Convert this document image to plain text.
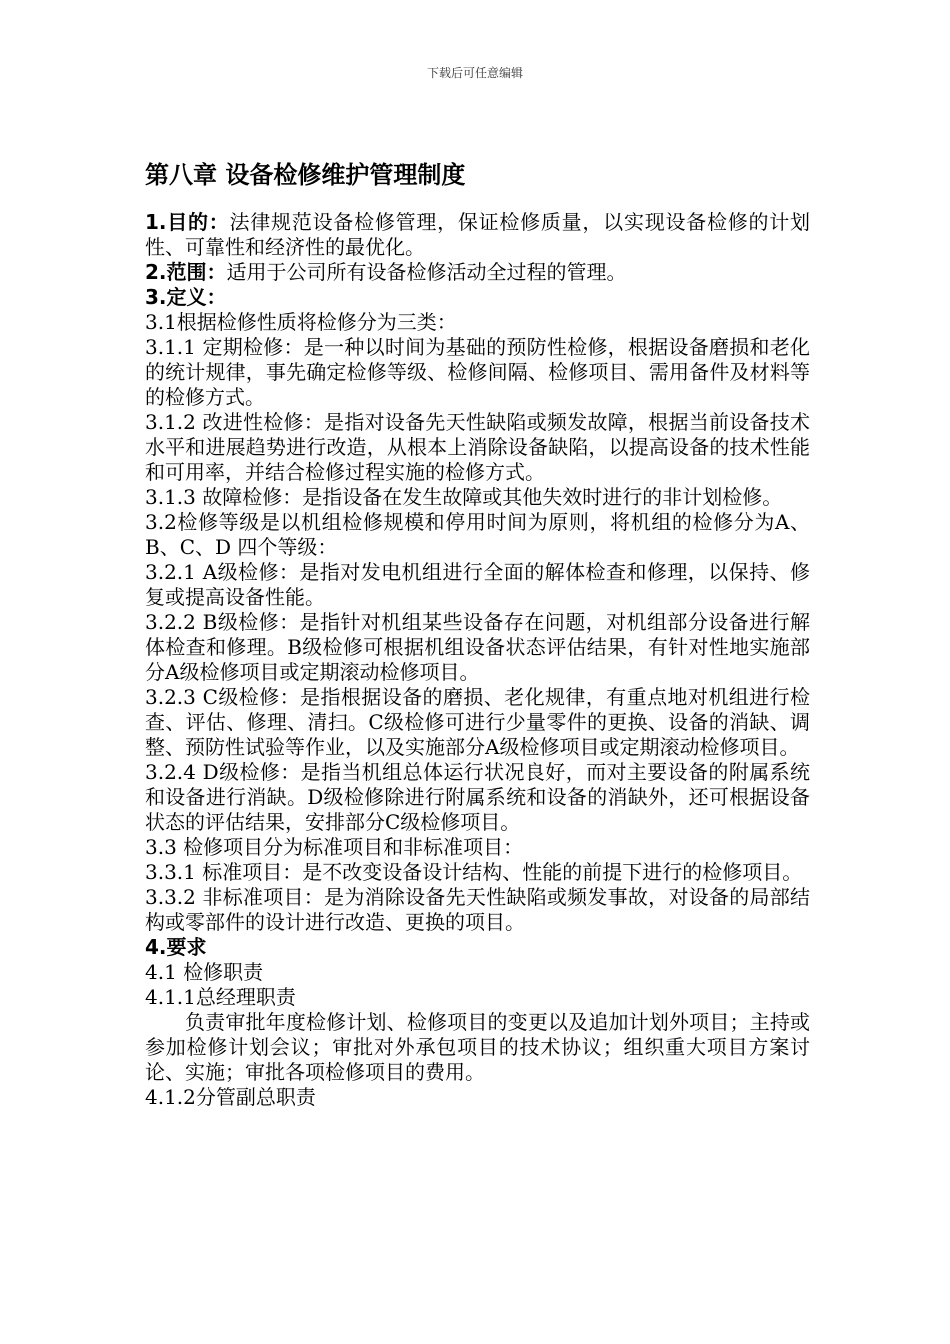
下载后可任意编辑
第八章 设备检修维护管理制度

1.目的：法律规范设备检修管理，保证检修质量，以实现设备检修的计划性、可靠性和经济性的最优化。

2.范围：适用于公司所有设备检修活动全过程的管理。

3.定义：

3.1根据检修性质将检修分为三类：

3.1.1 定期检修：是一种以时间为基础的预防性检修，根据设备磨损和老化的统计规律，事先确定检修等级、检修间隔、检修项目、需用备件及材料等的检修方式。

3.1.2 改进性检修：是指对设备先天性缺陷或频发故障，根据当前设备技术水平和进展趋势进行改造，从根本上消除设备缺陷，以提高设备的技术性能和可用率，并结合检修过程实施的检修方式。

3.1.3 故障检修：是指设备在发生故障或其他失效时进行的非计划检修。

3.2检修等级是以机组检修规模和停用时间为原则，将机组的检修分为A、B、C、D 四个等级：

3.2.1 A级检修：是指对发电机组进行全面的解体检查和修理，以保持、修复或提高设备性能。

3.2.2 B级检修：是指针对机组某些设备存在问题，对机组部分设备进行解体检查和修理。B级检修可根据机组设备状态评估结果，有针对性地实施部分A级检修项目或定期滚动检修项目。

3.2.3 C级检修：是指根据设备的磨损、老化规律，有重点地对机组进行检查、评估、修理、清扫。C级检修可进行少量零件的更换、设备的消缺、调整、预防性试验等作业，以及实施部分A级检修项目或定期滚动检修项目。

3.2.4 D级检修：是指当机组总体运行状况良好，而对主要设备的附属系统和设备进行消缺。D级检修除进行附属系统和设备的消缺外，还可根据设备状态的评估结果，安排部分C级检修项目。

3.3 检修项目分为标准项目和非标准项目：

3.3.1 标准项目：是不改变设备设计结构、性能的前提下进行的检修项目。

3.3.2 非标准项目：是为消除设备先天性缺陷或频发事故，对设备的局部结构或零部件的设计进行改造、更换的项目。

4.要求

4.1 检修职责

4.1.1总经理职责

负责审批年度检修计划、检修项目的变更以及追加计划外项目；主持或参加检修计划会议；审批对外承包项目的技术协议；组织重大项目方案讨论、实施；审批各项检修项目的费用。

4.1.2分管副总职责
